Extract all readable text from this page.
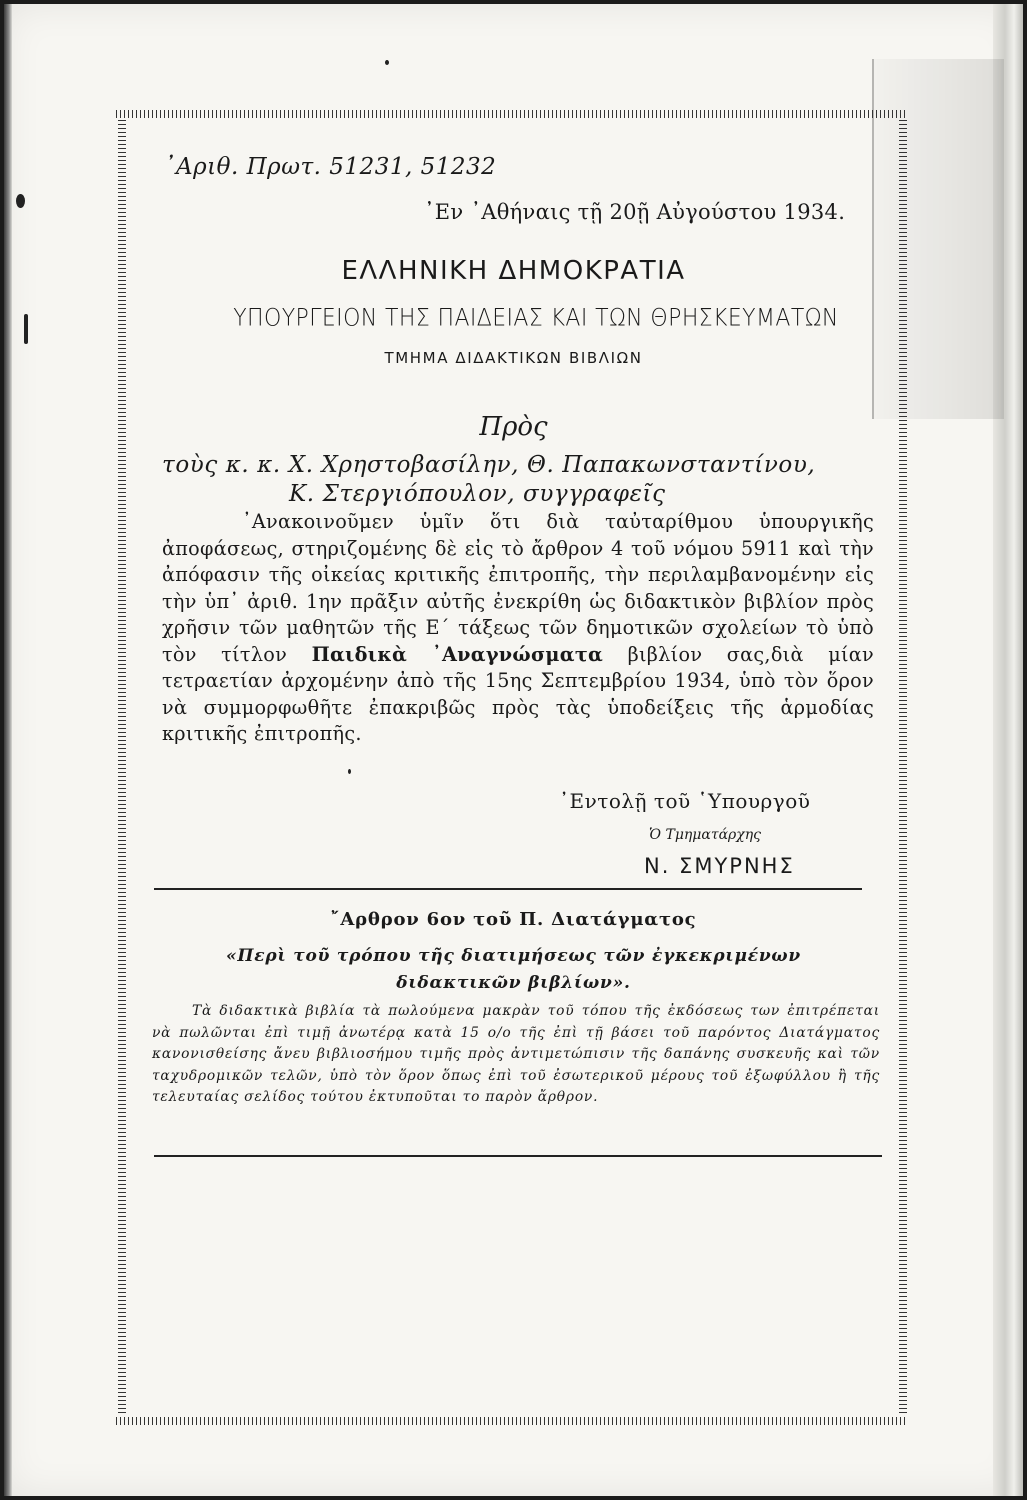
᾽Αριθ. Πρωτ. 51231, 51232

᾽Εν ᾽Αθήναις τῇ 20ῇ Αὐγούστου 1934.

ΕΛΛΗΝΙΚΗ ΔΗΜΟΚΡΑΤΙΑ

ΥΠΟΥΡΓΕΙΟΝ ΤΗΣ ΠΑΙΔΕΙΑΣ ΚΑΙ ΤΩΝ ΘΡΗΣΚΕΥΜΑΤΩΝ

ΤΜΗΜΑ ΔΙΔΑΚΤΙΚΩΝ ΒΙΒΛΙΩΝ

Πρὸς

τοὺς κ. κ. Χ. Χρηστοβασίλην, Θ. Παπακωνσταντίνου,

Κ. Στεργιόπουλον, συγγραφεῖς

᾽Ανακοινοῦμεν ὑμῖν ὅτι διὰ ταὐταρίθμου ὑπουργικῆς ἀποφάσεως, στηριζομένης δὲ εἰς τὸ ἄρθρον 4 τοῦ νόμου 5911 καὶ τὴν ἀπόφασιν τῆς οἰκείας κριτικῆς ἐπιτροπῆς, τὴν περιλαμβανομένην εἰς τὴν ὑπ᾽ ἀριθ. 1ην πρᾶξιν αὐτῆς ἐνεκρίθη ὡς διδακτικὸν βιβλίον πρὸς χρῆσιν τῶν μαθητῶν τῆς Ε´ τάξεως τῶν δημοτικῶν σχολείων τὸ ὑπὸ τὸν τίτλον Παιδικὰ ᾽Αναγνώσματα βιβλίον σας,διὰ μίαν τετραετίαν ἀρχομένην ἀπὸ τῆς 15ης Σεπτεμβρίου 1934, ὑπὸ τὸν ὅρον νὰ συμμορφωθῆτε ἐπακριβῶς πρὸς τὰς ὑποδείξεις τῆς ἁρμοδίας κριτικῆς ἐπιτροπῆς.

᾽Εντολῇ τοῦ ῾Υπουργοῦ

Ὁ Τμηματάρχης

Ν. ΣΜΥΡΝΗΣ

῎Αρθρον 6ον τοῦ Π. Διατάγματος

«Περὶ τοῦ τρόπου τῆς διατιμήσεως τῶν ἐγκεκριμένων

διδακτικῶν βιβλίων».

Τὰ διδακτικὰ βιβλία τὰ πωλούμενα μακρὰν τοῦ τόπου τῆς ἐκδόσεως των ἐπιτρέπεται νὰ πωλῶνται ἐπὶ τιμῇ ἀνωτέρᾳ κατὰ 15 ο/ο τῆς ἐπὶ τῇ βάσει τοῦ παρόντος Διατάγματος κανονισθείσης ἄνευ βιβλιοσήμου τιμῆς πρὸς ἀντιμετώπισιν τῆς δαπάνης συσκευῆς καὶ τῶν ταχυδρομικῶν τελῶν, ὑπὸ τὸν ὅρον ὅπως ἐπὶ τοῦ ἐσωτερικοῦ μέρους τοῦ ἐξωφύλλου ἢ τῆς τελευταίας σελίδος τούτου ἐκτυποῦται το παρὸν ἄρθρον.
